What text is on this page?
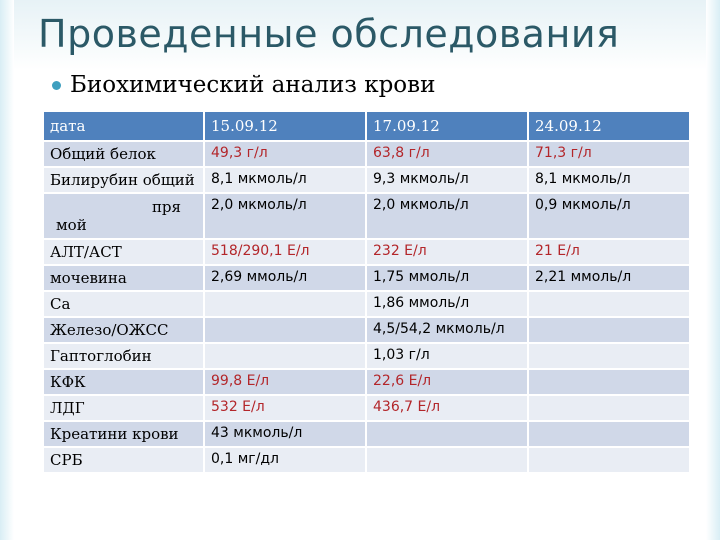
Проведенные обследования
Биохимический анализ крови
дата	15.09.12	17.09.12	24.09.12
Общий белок	49,3 г/л	63,8 г/л	71,3 г/л
Билирубин общий	8,1 мкмоль/л	9,3 мкмоль/л	8,1 мкмоль/л

пря
мой	2,0 мкмоль/л	2,0 мкмоль/л	0,9 мкмоль/л
АЛТ/АСТ	518/290,1 Е/л	232 Е/л	21 Е/л
мочевина	2,69 ммоль/л	1,75 ммоль/л	2,21 ммоль/л
Са		1,86 ммоль/л	
Железо/ОЖСС		4,5/54,2 мкмоль/л	
Гаптоглобин		1,03 г/л	
КФК	99,8 Е/л	22,6 Е/л	
ЛДГ	532 Е/л	436,7 Е/л	
Креатини крови	43 мкмоль/л		
СРБ	0,1 мг/дл		
